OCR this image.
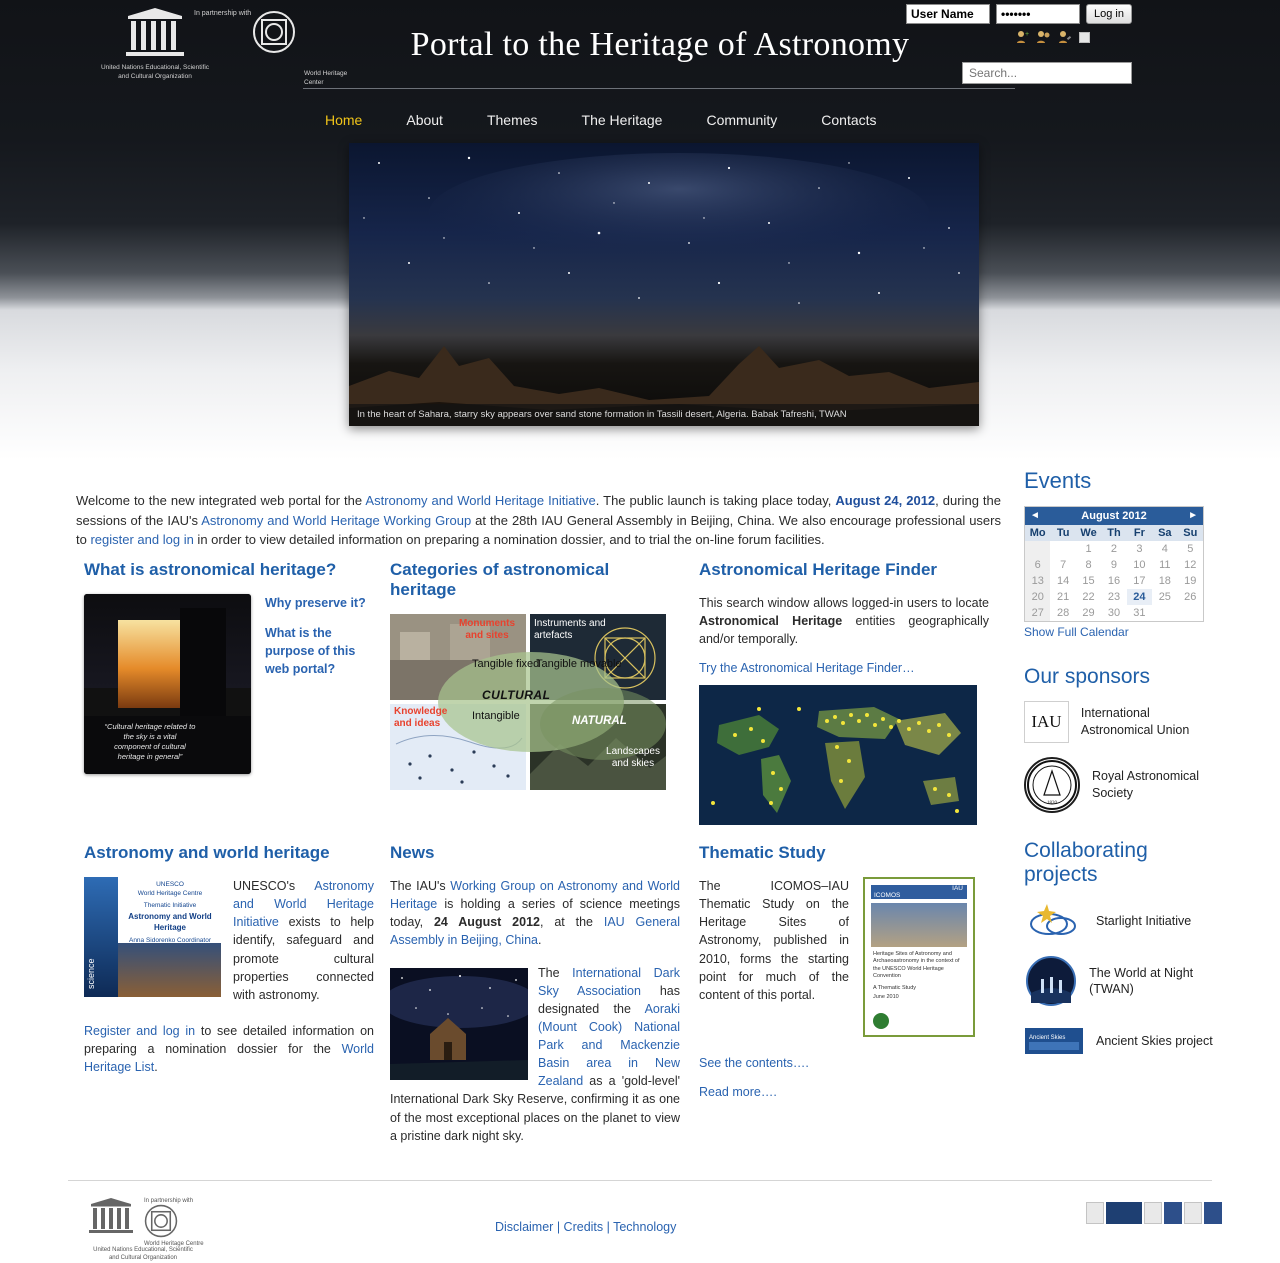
In partnership with
United Nations Educational, Scientific and Cultural Organization	World Heritage Center
Portal to the Heritage of Astronomy
User Name
•••••••
Log in
+
Search...
Home	About	Themes	The Heritage	Community	Contacts
In the heart of Sahara, starry sky appears over sand stone formation in Tassili desert, Algeria. Babak Tafreshi, TWAN

Welcome to the new integrated web portal for the Astronomy and World Heritage Initiative. The public launch is taking place today, August 24, 2012, during the sessions of the IAU's Astronomy and World Heritage Working Group at the 28th IAU General Assembly in Beijing, China. We also encourage professional users to register and log in in order to view detailed information on preparing a nomination dossier, and to trial the on-line forum facilities.

What is astronomical heritage?
“Cultural heritage related to the sky is a vital component of cultural heritage in general”
Why preserve it?
What is the purpose of this web portal?
Categories of astronomical heritage
Monuments and sites
Instruments and artefacts
Knowledge and ideas
Tangible fixed
Tangible movable
Intangible
CULTURAL
NATURAL
Landscapes and skies
Astronomical Heritage Finder

This search window allows logged-in users to locate Astronomical Heritage entities geographically and/or temporally.

Try the Astronomical Heritage Finder…
Astronomy and world heritage
science
UNESCO
World Heritage Centre
Thematic Initiative
Astronomy and World Heritage
Anna Sidorenko Coordinator

UNESCO's Astronomy and World Heritage Initiative exists to help identify, safeguard and promote cultural properties connected with astronomy.

Register and log in to see detailed information on preparing a nomination dossier for the World Heritage List.

News

The IAU's Working Group on Astronomy and World Heritage is holding a series of science meetings today, 24 August 2012, at the IAU General Assembly in Beijing, China.

The International Dark Sky Association has designated the Aoraki (Mount Cook) National Park and Mackenzie Basin area in New Zealand as a 'gold-level' International Dark Sky Reserve, confirming it as one of the most exceptional places on the planet to view a pristine dark night sky.

Thematic Study

The ICOMOS–IAU Thematic Study on the Heritage Sites of Astronomy, published in 2010, forms the starting point for much of the content of this portal.

ICOMOS
IAU
Heritage Sites of Astronomy and Archaeoastronomy in the context of the UNESCO World Heritage Convention
A Thematic Study
June 2010

See the contents….

Read more….

Events
◄	August 2012	►
Mo	Tu	We	Th	Fr	Sa	Su
		1	2	3	4	5
6	7	8	9	10	11	12
13	14	15	16	17	18	19
20	21	22	23	24	25	26
27	28	29	30	31		
Show Full Calendar
Our sponsors
IAU	International Astronomical Union
1820
Royal Astronomical Society
Collaborating projects
Starlight Initiative
The World at Night (TWAN)
Ancient Skies Ancient Skies project
In partnership with
World Heritage Centre
United Nations Educational, Scientific and Cultural Organization
Disclaimer | Credits | Technology
